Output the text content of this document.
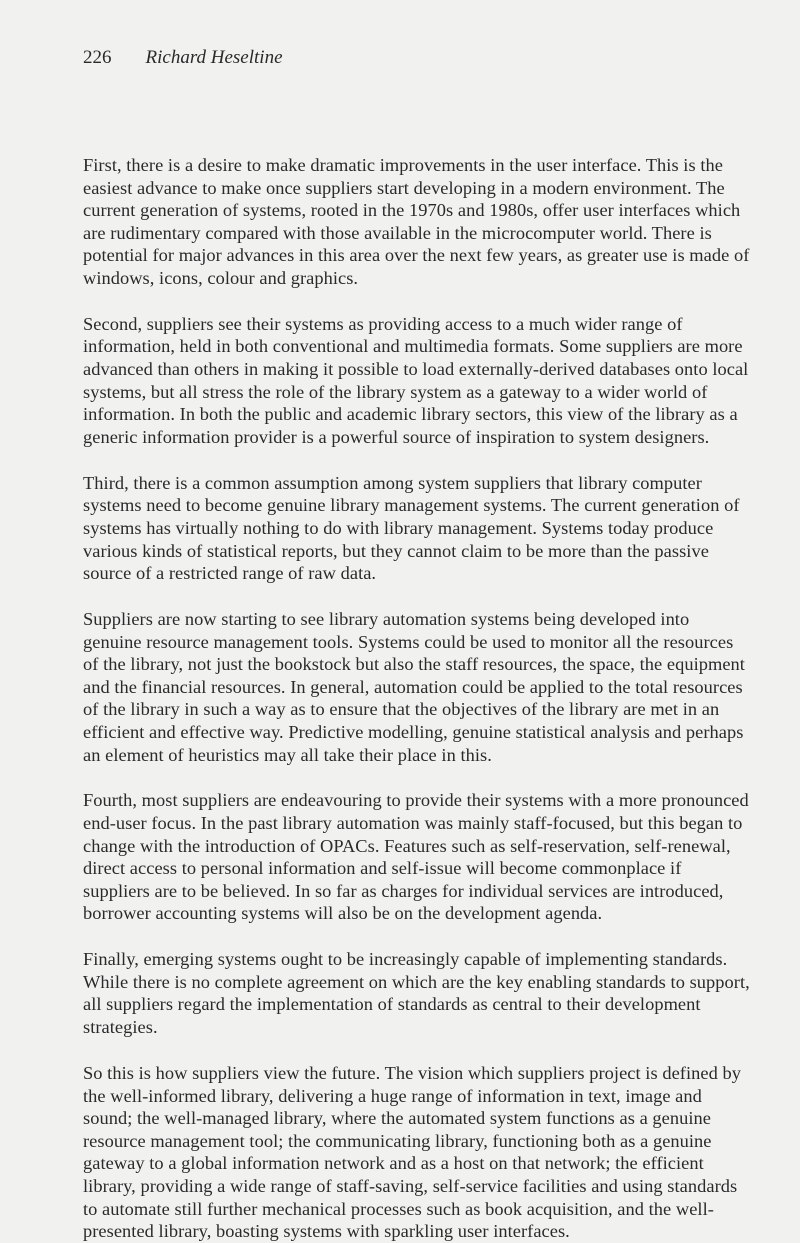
226 Richard Heseltine

First, there is a desire to make dramatic improvements in the user interface. This is the easiest advance to make once suppliers start developing in a modern environment. The current generation of systems, rooted in the 1970s and 1980s, offer user interfaces which are rudimentary compared with those available in the microcomputer world. There is potential for major advances in this area over the next few years, as greater use is made of windows, icons, colour and graphics.

Second, suppliers see their systems as providing access to a much wider range of information, held in both conventional and multimedia formats. Some suppliers are more advanced than others in making it possible to load externally-derived databases onto local systems, but all stress the role of the library system as a gateway to a wider world of information. In both the public and academic library sectors, this view of the library as a generic information provider is a powerful source of inspiration to system designers.

Third, there is a common assumption among system suppliers that library computer systems need to become genuine library management systems. The current generation of systems has virtually nothing to do with library management. Systems today produce various kinds of statistical reports, but they cannot claim to be more than the passive source of a restricted range of raw data.

Suppliers are now starting to see library automation systems being developed into genuine resource management tools. Systems could be used to monitor all the resources of the library, not just the bookstock but also the staff resources, the space, the equipment and the financial resources. In general, automation could be applied to the total resources of the library in such a way as to ensure that the objectives of the library are met in an efficient and effective way. Predictive modelling, genuine statistical analysis and perhaps an element of heuristics may all take their place in this.

Fourth, most suppliers are endeavouring to provide their systems with a more pronounced end-user focus. In the past library automation was mainly staff-focused, but this began to change with the introduction of OPACs. Features such as self-reservation, self-renewal, direct access to personal information and self-issue will become commonplace if suppliers are to be believed. In so far as charges for individual services are introduced, borrower accounting systems will also be on the development agenda.

Finally, emerging systems ought to be increasingly capable of implementing standards. While there is no complete agreement on which are the key enabling standards to support, all suppliers regard the implementation of standards as central to their development strategies.

So this is how suppliers view the future. The vision which suppliers project is defined by the well-informed library, delivering a huge range of information in text, image and sound; the well-managed library, where the automated system functions as a genuine resource management tool; the communicating library, functioning both as a genuine gateway to a global information network and as a host on that network; the efficient library, providing a wide range of staff-saving, self-service facilities and using standards to automate still further mechanical processes such as book acquisition, and the well-presented library, boasting systems with sparkling user interfaces.
